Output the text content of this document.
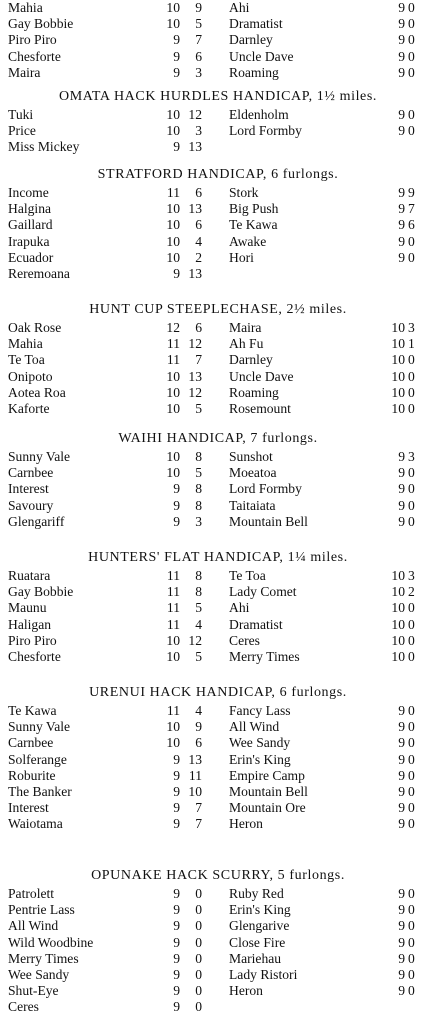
Mahia	10	9 Ahi	9 0
Gay Bobbie	10	5 Dramatist	9 0
Piro Piro	9	7 Darnley	9 0
Chesforte	9	6 Uncle Dave	9 0
Maira	9	3 Roaming	9 0
OMATA HACK HURDLES HANDICAP, 1½ miles.
Tuki	10 12 Eldenholm	9 0
Price	10	3 Lord Formby	9 0
Miss Mickey	9 13
STRATFORD HANDICAP, 6 furlongs.
Income	11	6 Stork	9 9
Halgina	10 13 Big Push	9 7
Gaillard	10	6 Te Kawa	9 6
Irapuka	10	4 Awake	9 0
Ecuador	10	2 Hori	9 0
Reremoana	9 13
HUNT CUP STEEPLECHASE, 2½ miles.
Oak Rose	12	6 Maira	10 3
Mahia	11 12 Ah Fu	10 1
Te Toa	11	7 Darnley	10 0
Onipoto	10 13 Uncle Dave	10 0
Aotea Roa	10 12 Roaming	10 0
Kaforte	10	5 Rosemount	10 0
WAIHI HANDICAP, 7 furlongs.
Sunny Vale	10	8 Sunshot	9 3
Carnbee	10	5 Moeatoa	9 0
Interest	9	8 Lord Formby	9 0
Savoury	9	8 Taitaiata	9 0
Glengariff	9	3 Mountain Bell	9 0
HUNTERS' FLAT HANDICAP, 1¼ miles.
Ruatara	11	8 Te Toa	10 3
Gay Bobbie	11	8 Lady Comet	10 2
Maunu	11	5 Ahi	10 0
Haligan	11	4 Dramatist	10 0
Piro Piro	10 12 Ceres	10 0
Chesforte	10	5 Merry Times	10 0
URENUI HACK HANDICAP, 6 furlongs.
Te Kawa	11	4 Fancy Lass	9 0
Sunny Vale	10	9 All Wind	9 0
Carnbee	10	6 Wee Sandy	9 0
Solferange	9 13 Erin's King	9 0
Roburite	9 11 Empire Camp	9 0
The Banker	9 10 Mountain Bell	9 0
Interest	9	7 Mountain Ore	9 0
Waiotama	9	7 Heron	9 0
OPUNAKE HACK SCURRY, 5 furlongs.
Patrolett	9	0 Ruby Red	9 0
Pentrie Lass	9	0 Erin's King	9 0
All Wind	9	0 Glengarive	9 0
Wild Woodbine	9	0 Close Fire	9 0
Merry Times	9	0 Mariehau	9 0
Wee Sandy	9	0 Lady Ristori	9 0
Shut-Eye	9	0 Heron	9 0
Ceres	9	0
